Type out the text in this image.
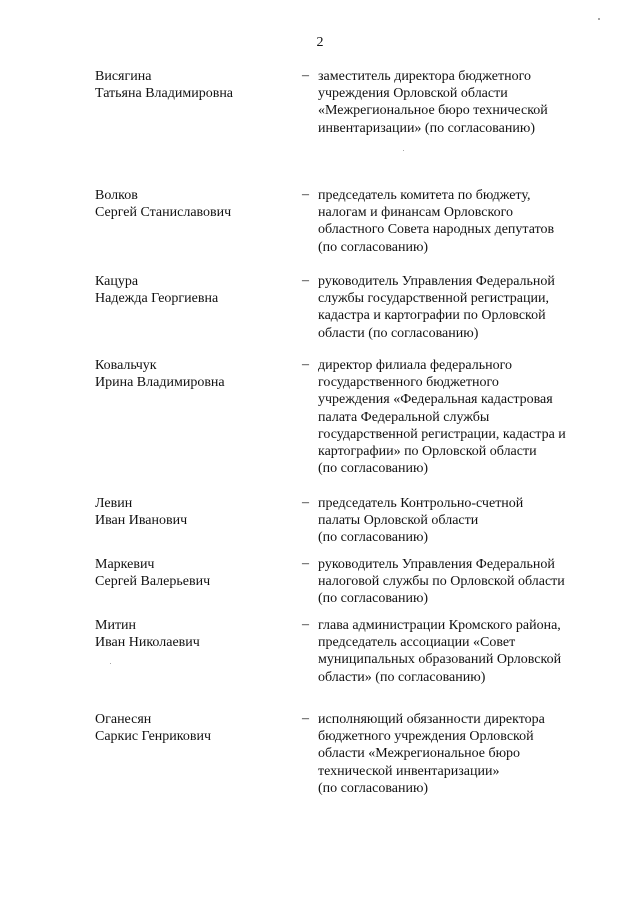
2
Висягина
Татьяна Владимировна
– заместитель директора бюджетного
учреждения Орловской области
«Межрегиональное бюро технической
инвентаризации» (по согласованию)
Волков
Сергей Станиславович
– председатель комитета по бюджету,
налогам и финансам Орловского
областного Совета народных депутатов
(по согласованию)
Кацура
Надежда Георгиевна
– руководитель Управления Федеральной
службы государственной регистрации,
кадастра и картографии по Орловской
области (по согласованию)
Ковальчук
Ирина Владимировна
– директор филиала федерального
государственного бюджетного
учреждения «Федеральная кадастровая
палата Федеральной службы
государственной регистрации, кадастра и
картографии» по Орловской области
(по согласованию)
Левин
Иван Иванович
– председатель Контрольно-счетной
палаты Орловской области
(по согласованию)
Маркевич
Сергей Валерьевич
– руководитель Управления Федеральной
налоговой службы по Орловской области
(по согласованию)
Митин
Иван Николаевич
– глава администрации Кромского района,
председатель ассоциации «Совет
муниципальных образований Орловской
области» (по согласованию)
Оганесян
Саркис Генрикович
– исполняющий обязанности директора
бюджетного учреждения Орловской
области «Межрегиональное бюро
технической инвентаризации»
(по согласованию)
